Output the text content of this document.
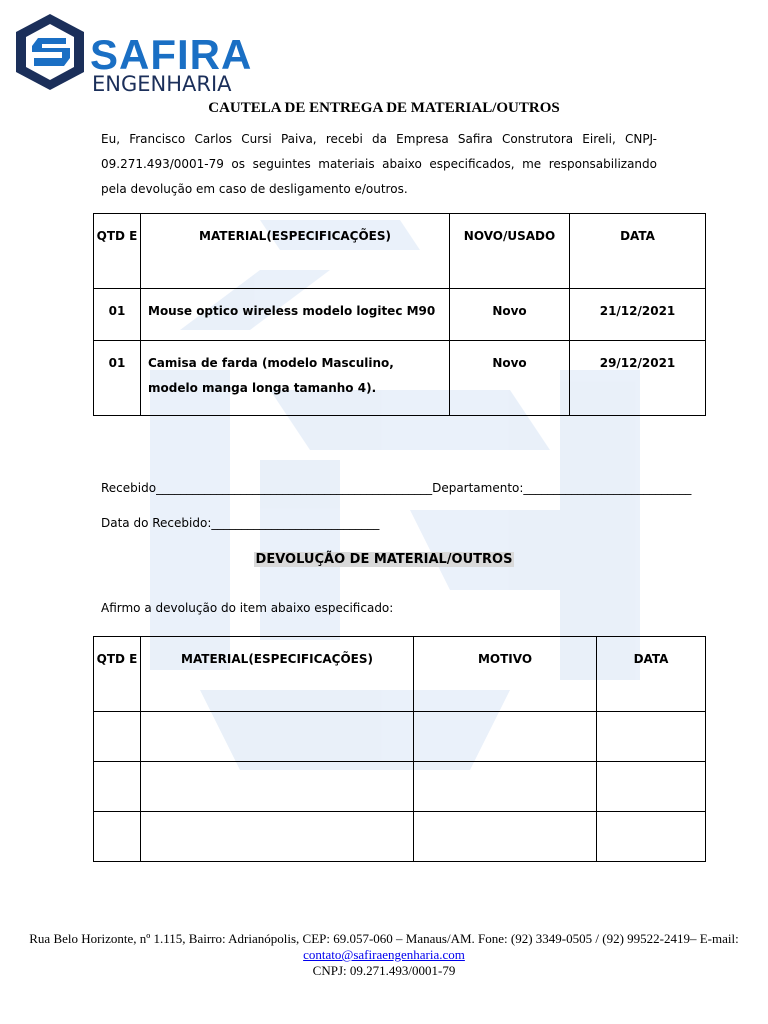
SAFIRA
ENGENHARIA
CAUTELA DE ENTREGA DE MATERIAL/OUTROS
Eu, Francisco Carlos Cursi Paiva, recebi da Empresa Safira Construtora Eireli, CNPJ-09.271.493/0001-79 os seguintes materiais abaixo especificados, me responsabilizando pela devolução em caso de desligamento e/outros.
QTD E	MATERIAL(ESPECIFICAÇÕES)	NOVO/USADO	DATA
01	Mouse optico wireless modelo logitec M90	Novo	21/12/2021
01	Camisa de farda (modelo Masculino, modelo manga longa tamanho 4).	Novo	29/12/2021
Recebido______________________________________________Departamento:____________________________
Data do Recebido:____________________________
DEVOLUÇÃO DE MATERIAL/OUTROS
Afirmo a devolução do item abaixo especificado:
QTD E	MATERIAL(ESPECIFICAÇÕES)	MOTIVO	DATA

Rua Belo Horizonte, nº 1.115, Bairro: Adrianópolis, CEP: 69.057-060 – Manaus/AM. Fone: (92) 3349-0505 / (92) 99522-2419– E-mail: contato@safiraengenharia.com
CNPJ: 09.271.493/0001-79
